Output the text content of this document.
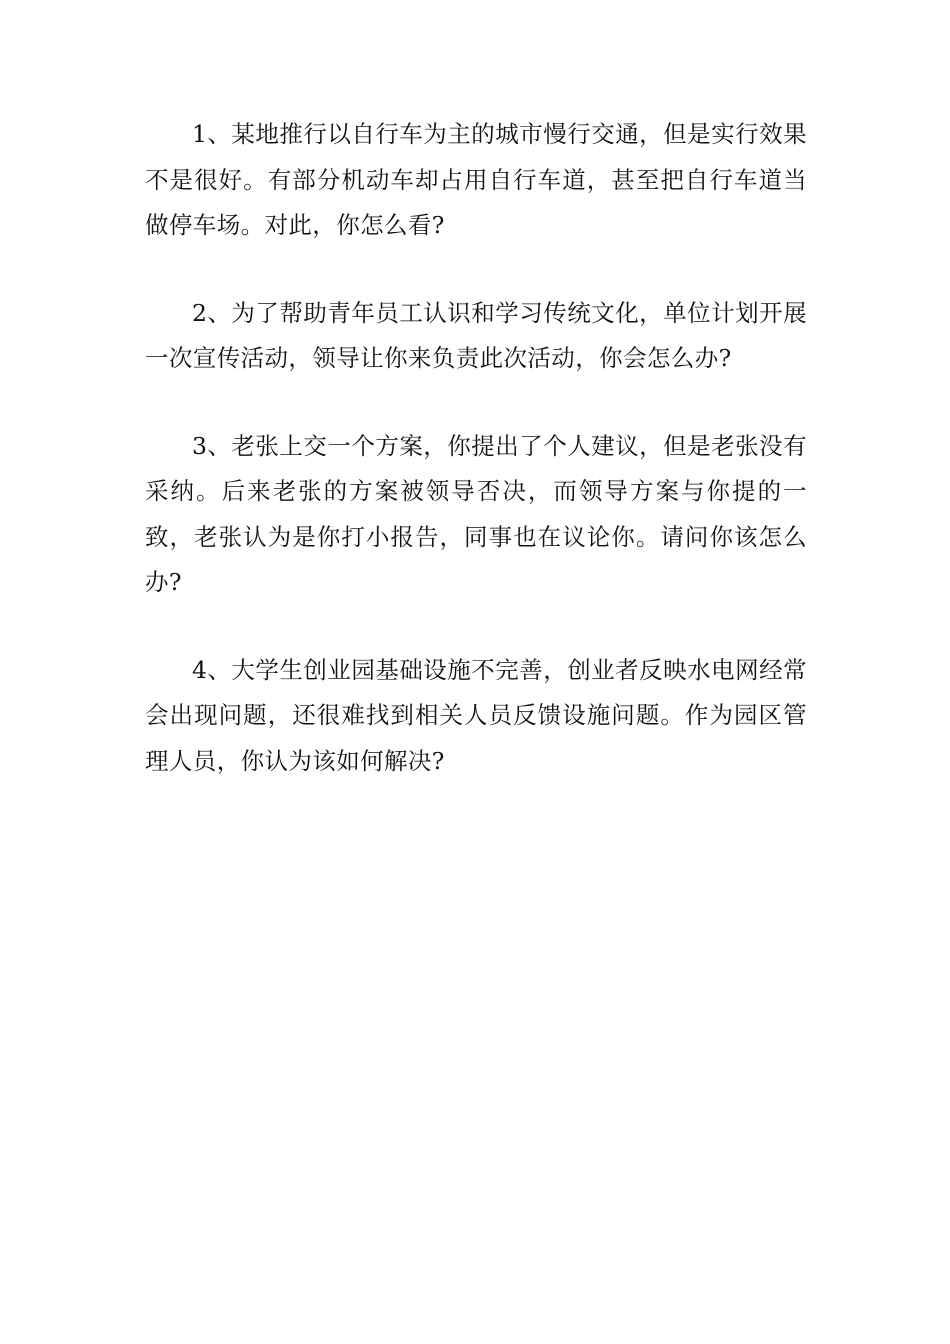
1、某地推行以自行车为主的城市慢行交通，但是实行效果不是很好。有部分机动车却占用自行车道，甚至把自行车道当做停车场。对此，你怎么看?

2、为了帮助青年员工认识和学习传统文化，单位计划开展一次宣传活动，领导让你来负责此次活动，你会怎么办?

3、老张上交一个方案，你提出了个人建议，但是老张没有采纳。后来老张的方案被领导否决，而领导方案与你提的一致，老张认为是你打小报告，同事也在议论你。请问你该怎么办?

4、大学生创业园基础设施不完善，创业者反映水电网经常会出现问题，还很难找到相关人员反馈设施问题。作为园区管理人员，你认为该如何解决?
